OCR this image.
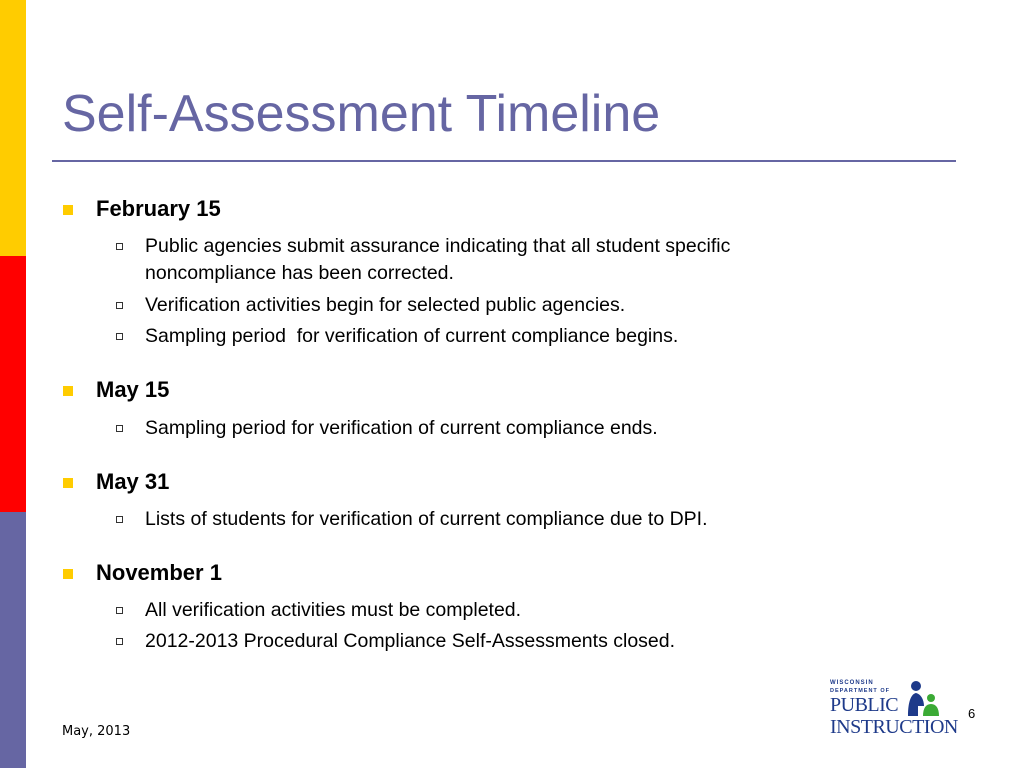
Self-Assessment Timeline
February 15
Public agencies submit assurance indicating that all student specific noncompliance has been corrected.
Verification activities begin for selected public agencies.
Sampling period  for verification of current compliance begins.
May 15
Sampling period for verification of current compliance ends.
May 31
Lists of students for verification of current compliance due to DPI.
November 1
All verification activities must be completed.
2012-2013 Procedural Compliance Self-Assessments closed.
WISCONSIN
DEPARTMENT OF
PUBLIC
INSTRUCTION
May, 2013
6
